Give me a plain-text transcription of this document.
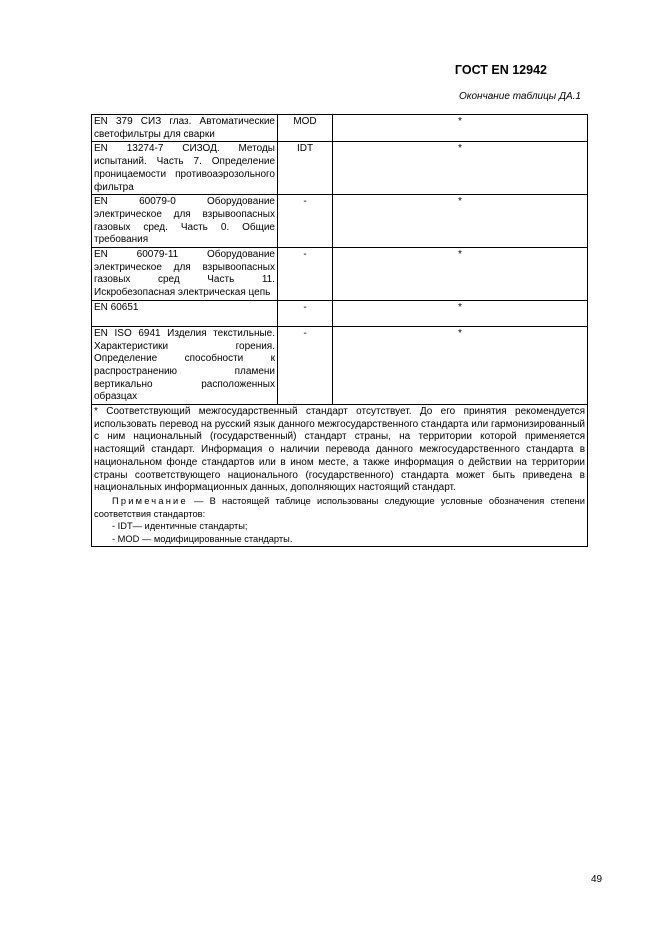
ГОСТ EN 12942
Окончание таблицы ДА.1
EN 379 СИЗ глаз. Автоматические светофильтры для сварки	MOD	*
EN 13274-7 СИЗОД. Методы испытаний. Часть 7. Определение проницаемости противоаэрозольного фильтра	IDT	*
EN 60079-0 Оборудование электрическое для взрывоопасных газовых сред. Часть 0. Общие требования	-	*
EN 60079-11 Оборудование электрическое для взрывоопасных газовых сред Часть 11. Искробезопасная электрическая цепь	-	*
EN 60651	-	*
EN ISO 6941 Изделия текстильные. Характеристики горения. Определение способности к распространению пламени вертикально расположенных образцах	-	*

* Соответствующий межгосударственный стандарт отсутствует. До его принятия рекомендуется использовать перевод на русский язык данного межгосударственного стандарта или гармонизированный с ним национальный (государственный) стандарт страны, на территории которой применяется настоящий стандарт. Информация о наличии перевода данного межгосударственного стандарта в национальном фонде стандартов или в ином месте, а также информация о действии на территории страны соответствующего национального (государственного) стандарта может быть приведена в национальных информационных данных, дополняющих настоящий стандарт.

Примечание — В настоящей таблице использованы следующие условные обозначения степени соответствия стандартов:

- IDT— идентичные стандарты;

- MOD — модифицированные стандарты.		

49
